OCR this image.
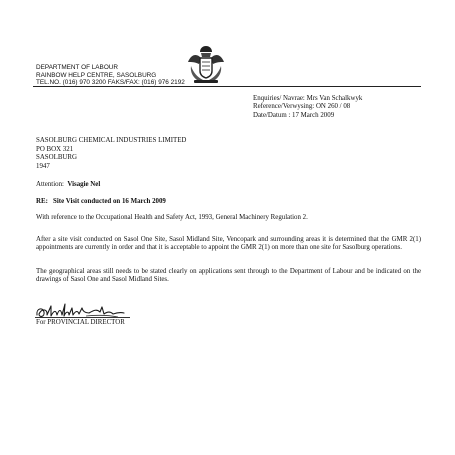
DEPARTMENT OF LABOUR
RAINBOW HELP CENTRE, SASOLBURG
TEL.NO. (016) 970 3200 FAKS/FAX: (016) 976 2192
Enquiries/ Navrae: Mrs Van Schalkwyk
Reference/Verwysing: ON 260 / 08
Date/Datum : 17 March 2009
SASOLBURG CHEMICAL INDUSTRIES LIMITED
PO BOX 321
SASOLBURG
1947
Attention: Visagie Nel
RE: Site Visit conducted on 16 March 2009
With reference to the Occupational Health and Safety Act, 1993, General Machinery Regulation 2.
After a site visit conducted on Sasol One Site, Sasol Midland Site, Vencopark and surrounding areas it is determined that the GMR 2(1) appointments are currently in order and that it is acceptable to appoint the GMR 2(1) on more than one site for Sasolburg operations.
The geographical areas still needs to be stated clearly on applications sent through to the Department of Labour and be indicated on the drawings of Sasol One and Sasol Midland Sites.
For PROVINCIAL DIRECTOR
